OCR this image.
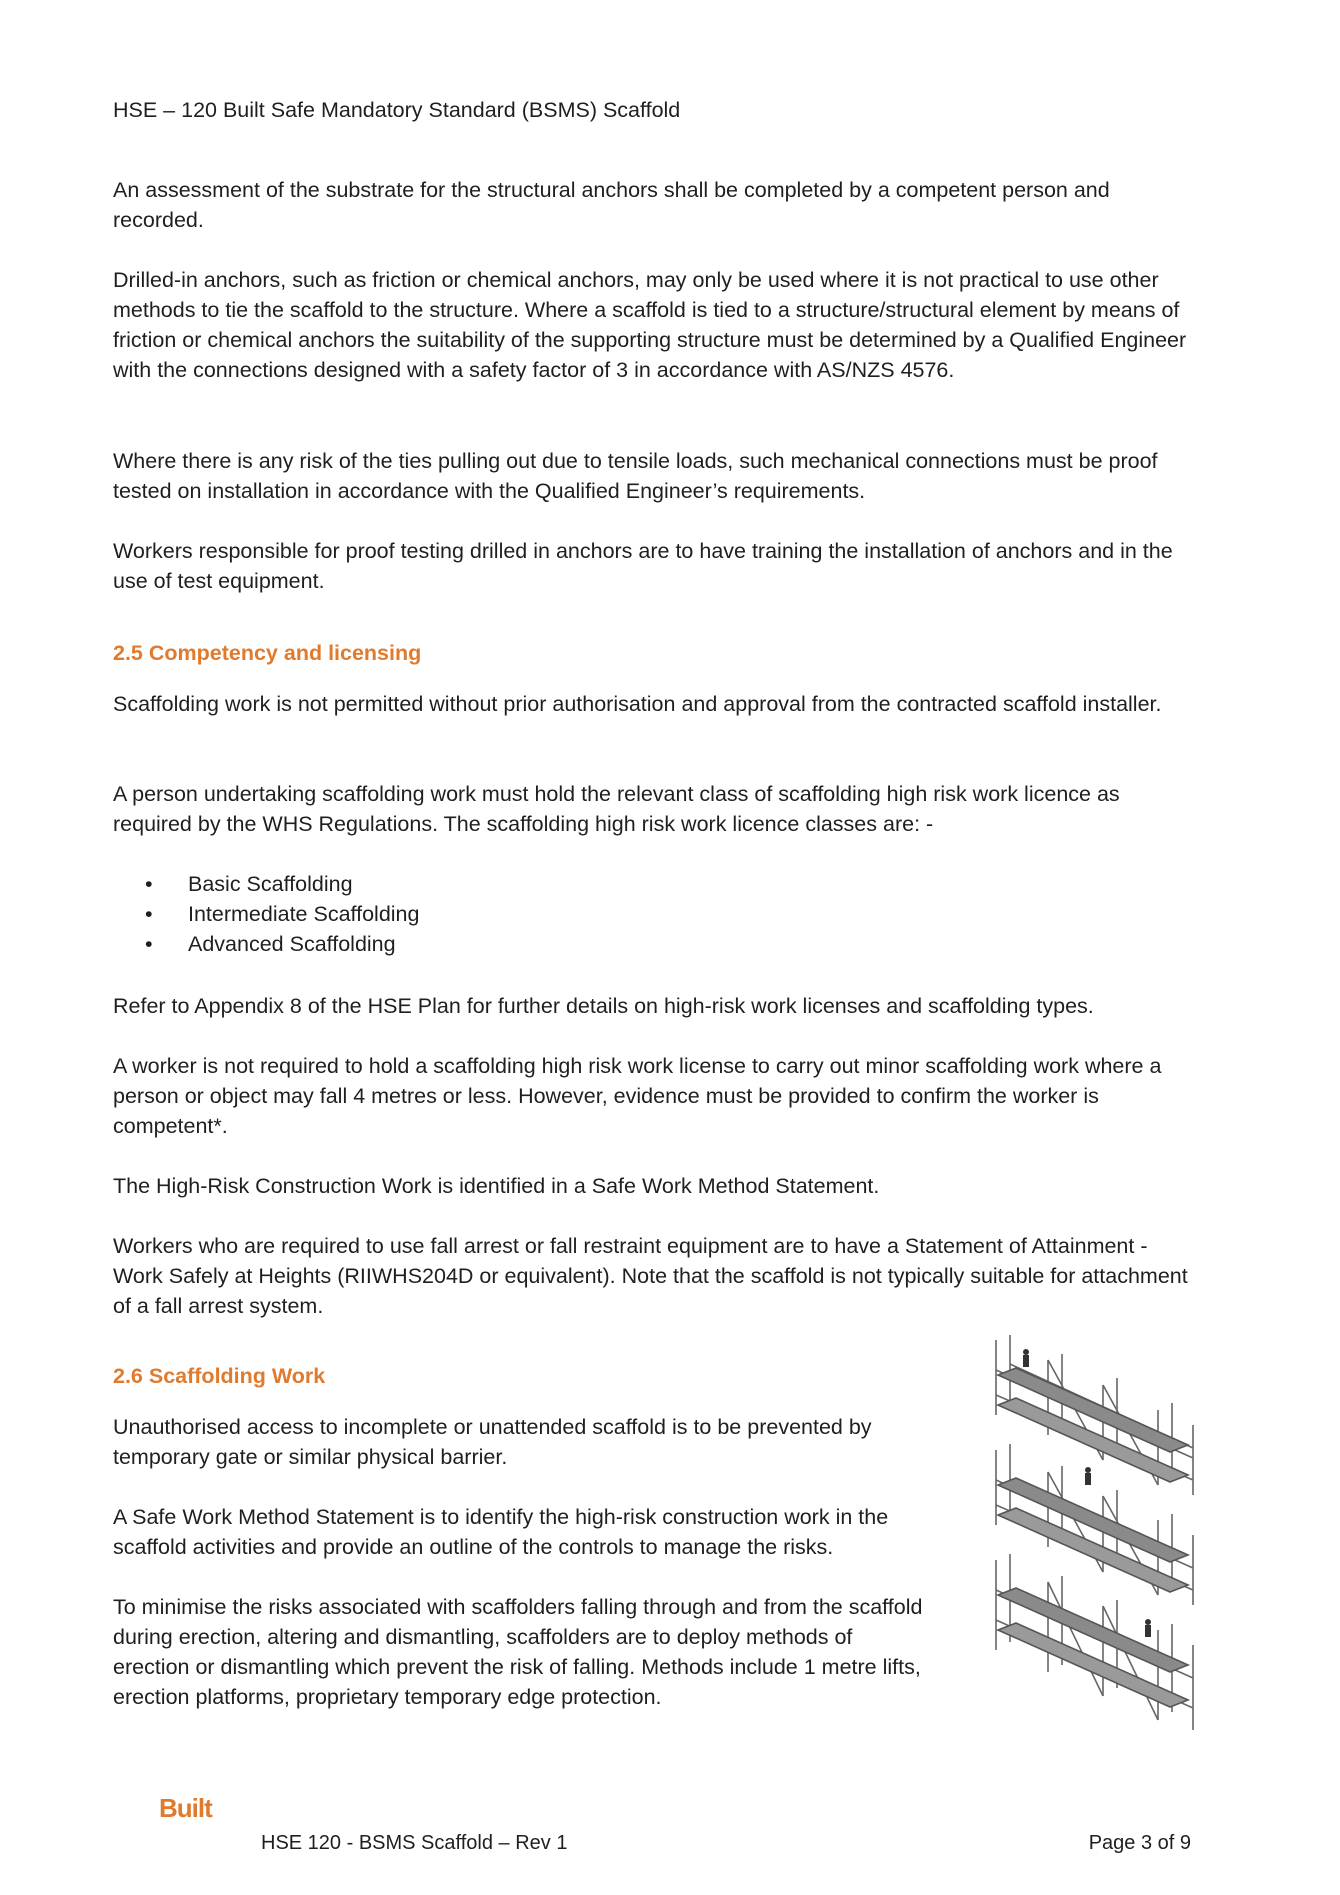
HSE – 120 Built Safe Mandatory Standard (BSMS) Scaffold

An assessment of the substrate for the structural anchors shall be completed by a competent person and recorded.

Drilled-in anchors, such as friction or chemical anchors, may only be used where it is not practical to use other methods to tie the scaffold to the structure. Where a scaffold is tied to a structure/structural element by means of friction or chemical anchors the suitability of the supporting structure must be determined by a Qualified Engineer with the connections designed with a safety factor of 3 in accordance with AS/NZS 4576.

Where there is any risk of the ties pulling out due to tensile loads, such mechanical connections must be proof tested on installation in accordance with the Qualified Engineer’s requirements.

Workers responsible for proof testing drilled in anchors are to have training the installation of anchors and in the use of test equipment.

2.5 Competency and licensing

Scaffolding work is not permitted without prior authorisation and approval from the contracted scaffold installer.

A person undertaking scaffolding work must hold the relevant class of scaffolding high risk work licence as required by the WHS Regulations. The scaffolding high risk work licence classes are: -

• Basic Scaffolding
• Intermediate Scaffolding
• Advanced Scaffolding

Refer to Appendix 8 of the HSE Plan for further details on high-risk work licenses and scaffolding types.

A worker is not required to hold a scaffolding high risk work license to carry out minor scaffolding work where a person or object may fall 4 metres or less. However, evidence must be provided to confirm the worker is competent*.

The High-Risk Construction Work is identified in a Safe Work Method Statement.

Workers who are required to use fall arrest or fall restraint equipment are to have a Statement of Attainment - Work Safely at Heights (RIIWHS204D or equivalent). Note that the scaffold is not typically suitable for attachment of a fall arrest system.

2.6 Scaffolding Work

Unauthorised access to incomplete or unattended scaffold is to be prevented by temporary gate or similar physical barrier.

A Safe Work Method Statement is to identify the high-risk construction work in the scaffold activities and provide an outline of the controls to manage the risks.

To minimise the risks associated with scaffolders falling through and from the scaffold during erection, altering and dismantling, scaffolders are to deploy methods of erection or dismantling which prevent the risk of falling. Methods include 1 metre lifts, erection platforms, proprietary temporary edge protection.

Built
HSE 120 - BSMS Scaffold – Rev 1	Page 3 of 9
